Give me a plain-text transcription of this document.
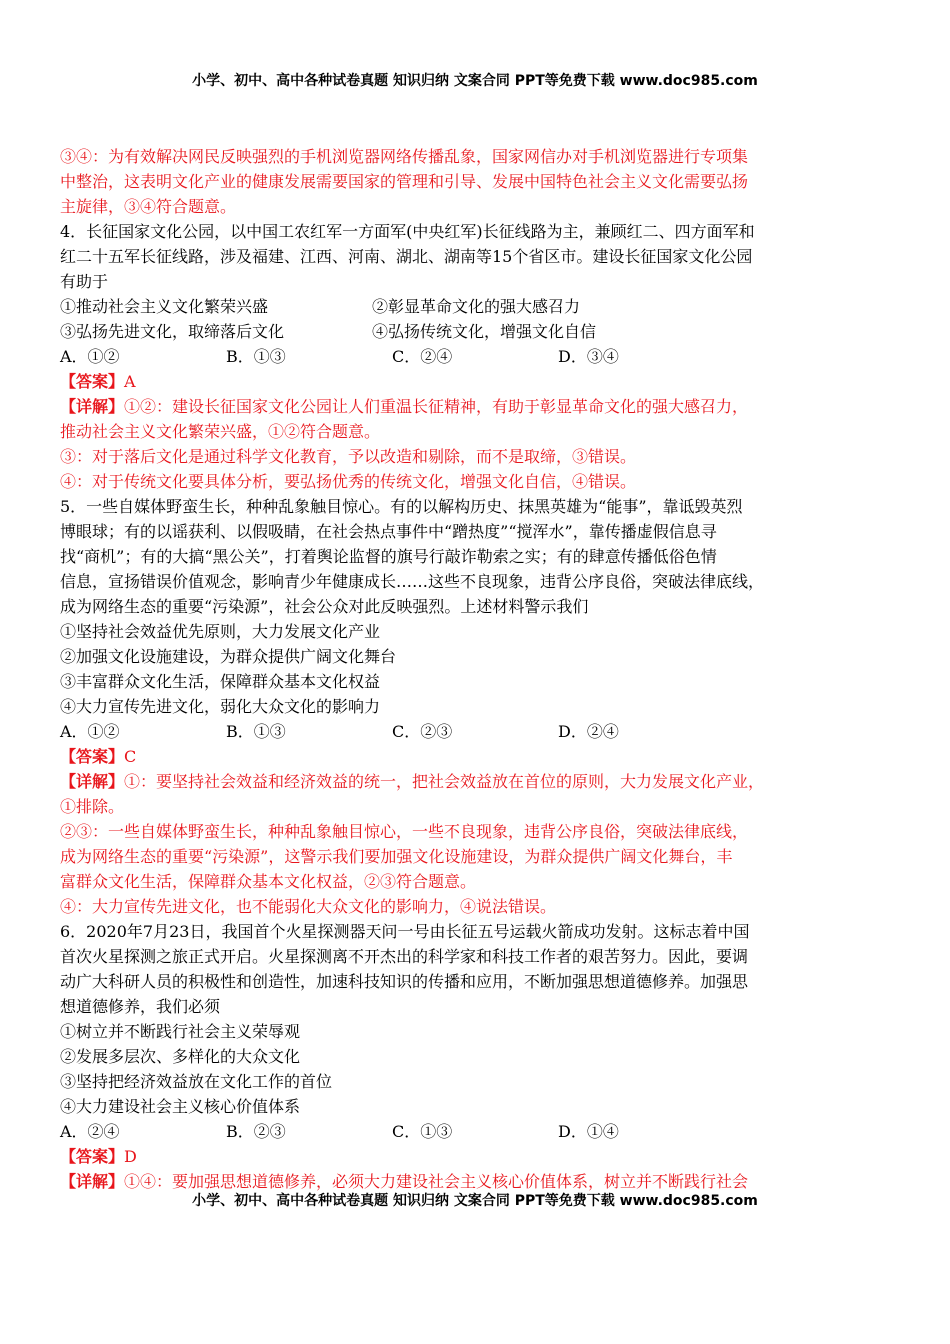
小学、初中、高中各种试卷真题 知识归纳 文案合同 PPT等免费下载 www.doc985.com

③④：为有效解决网民反映强烈的手机浏览器网络传播乱象，国家网信办对手机浏览器进行专项集

中整治，这表明文化产业的健康发展需要国家的管理和引导、发展中国特色社会主义文化需要弘扬

主旋律，③④符合题意。

4．长征国家文化公园，以中国工农红军一方面军(中央红军)长征线路为主，兼顾红二、四方面军和

红二十五军长征线路，涉及福建、江西、河南、湖北、湖南等15个省区市。建设长征国家文化公园

有助于

①推动社会主义文化繁荣兴盛	②彰显革命文化的强大感召力
③弘扬先进文化，取缔落后文化	④弘扬传统文化，增强文化自信
A．①②	B．①③	C．②④	D．③④

【答案】A

【详解】①②：建设长征国家文化公园让人们重温长征精神，有助于彰显革命文化的强大感召力，

推动社会主义文化繁荣兴盛，①②符合题意。

③：对于落后文化是通过科学文化教育，予以改造和剔除，而不是取缔，③错误。

④：对于传统文化要具体分析，要弘扬优秀的传统文化，增强文化自信，④错误。

5．一些自媒体野蛮生长，种种乱象触目惊心。有的以解构历史、抹黑英雄为“能事”，靠诋毁英烈

博眼球；有的以谣获利、以假吸睛，在社会热点事件中“蹭热度”“搅浑水”，靠传播虚假信息寻

找“商机”；有的大搞“黑公关”，打着舆论监督的旗号行敲诈勒索之实；有的肆意传播低俗色情

信息，宣扬错误价值观念，影响青少年健康成长……这些不良现象，违背公序良俗，突破法律底线，

成为网络生态的重要“污染源”，社会公众对此反映强烈。上述材料警示我们

①坚持社会效益优先原则，大力发展文化产业

②加强文化设施建设，为群众提供广阔文化舞台

③丰富群众文化生活，保障群众基本文化权益

④大力宣传先进文化，弱化大众文化的影响力

A．①②	B．①③	C．②③	D．②④

【答案】C

【详解】①：要坚持社会效益和经济效益的统一，把社会效益放在首位的原则，大力发展文化产业，

①排除。

②③：一些自媒体野蛮生长，种种乱象触目惊心，一些不良现象，违背公序良俗，突破法律底线，

成为网络生态的重要“污染源”，这警示我们要加强文化设施建设，为群众提供广阔文化舞台，丰

富群众文化生活，保障群众基本文化权益，②③符合题意。

④：大力宣传先进文化，也不能弱化大众文化的影响力，④说法错误。

6．2020年7月23日，我国首个火星探测器天问一号由长征五号运载火箭成功发射。这标志着中国

首次火星探测之旅正式开启。火星探测离不开杰出的科学家和科技工作者的艰苦努力。因此，要调

动广大科研人员的积极性和创造性，加速科技知识的传播和应用，不断加强思想道德修养。加强思

想道德修养，我们必须

①树立并不断践行社会主义荣辱观

②发展多层次、多样化的大众文化

③坚持把经济效益放在文化工作的首位

④大力建设社会主义核心价值体系

A．②④	B．②③	C．①③	D．①④

【答案】D

【详解】①④：要加强思想道德修养，必须大力建设社会主义核心价值体系，树立并不断践行社会

小学、初中、高中各种试卷真题 知识归纳 文案合同 PPT等免费下载 www.doc985.com
